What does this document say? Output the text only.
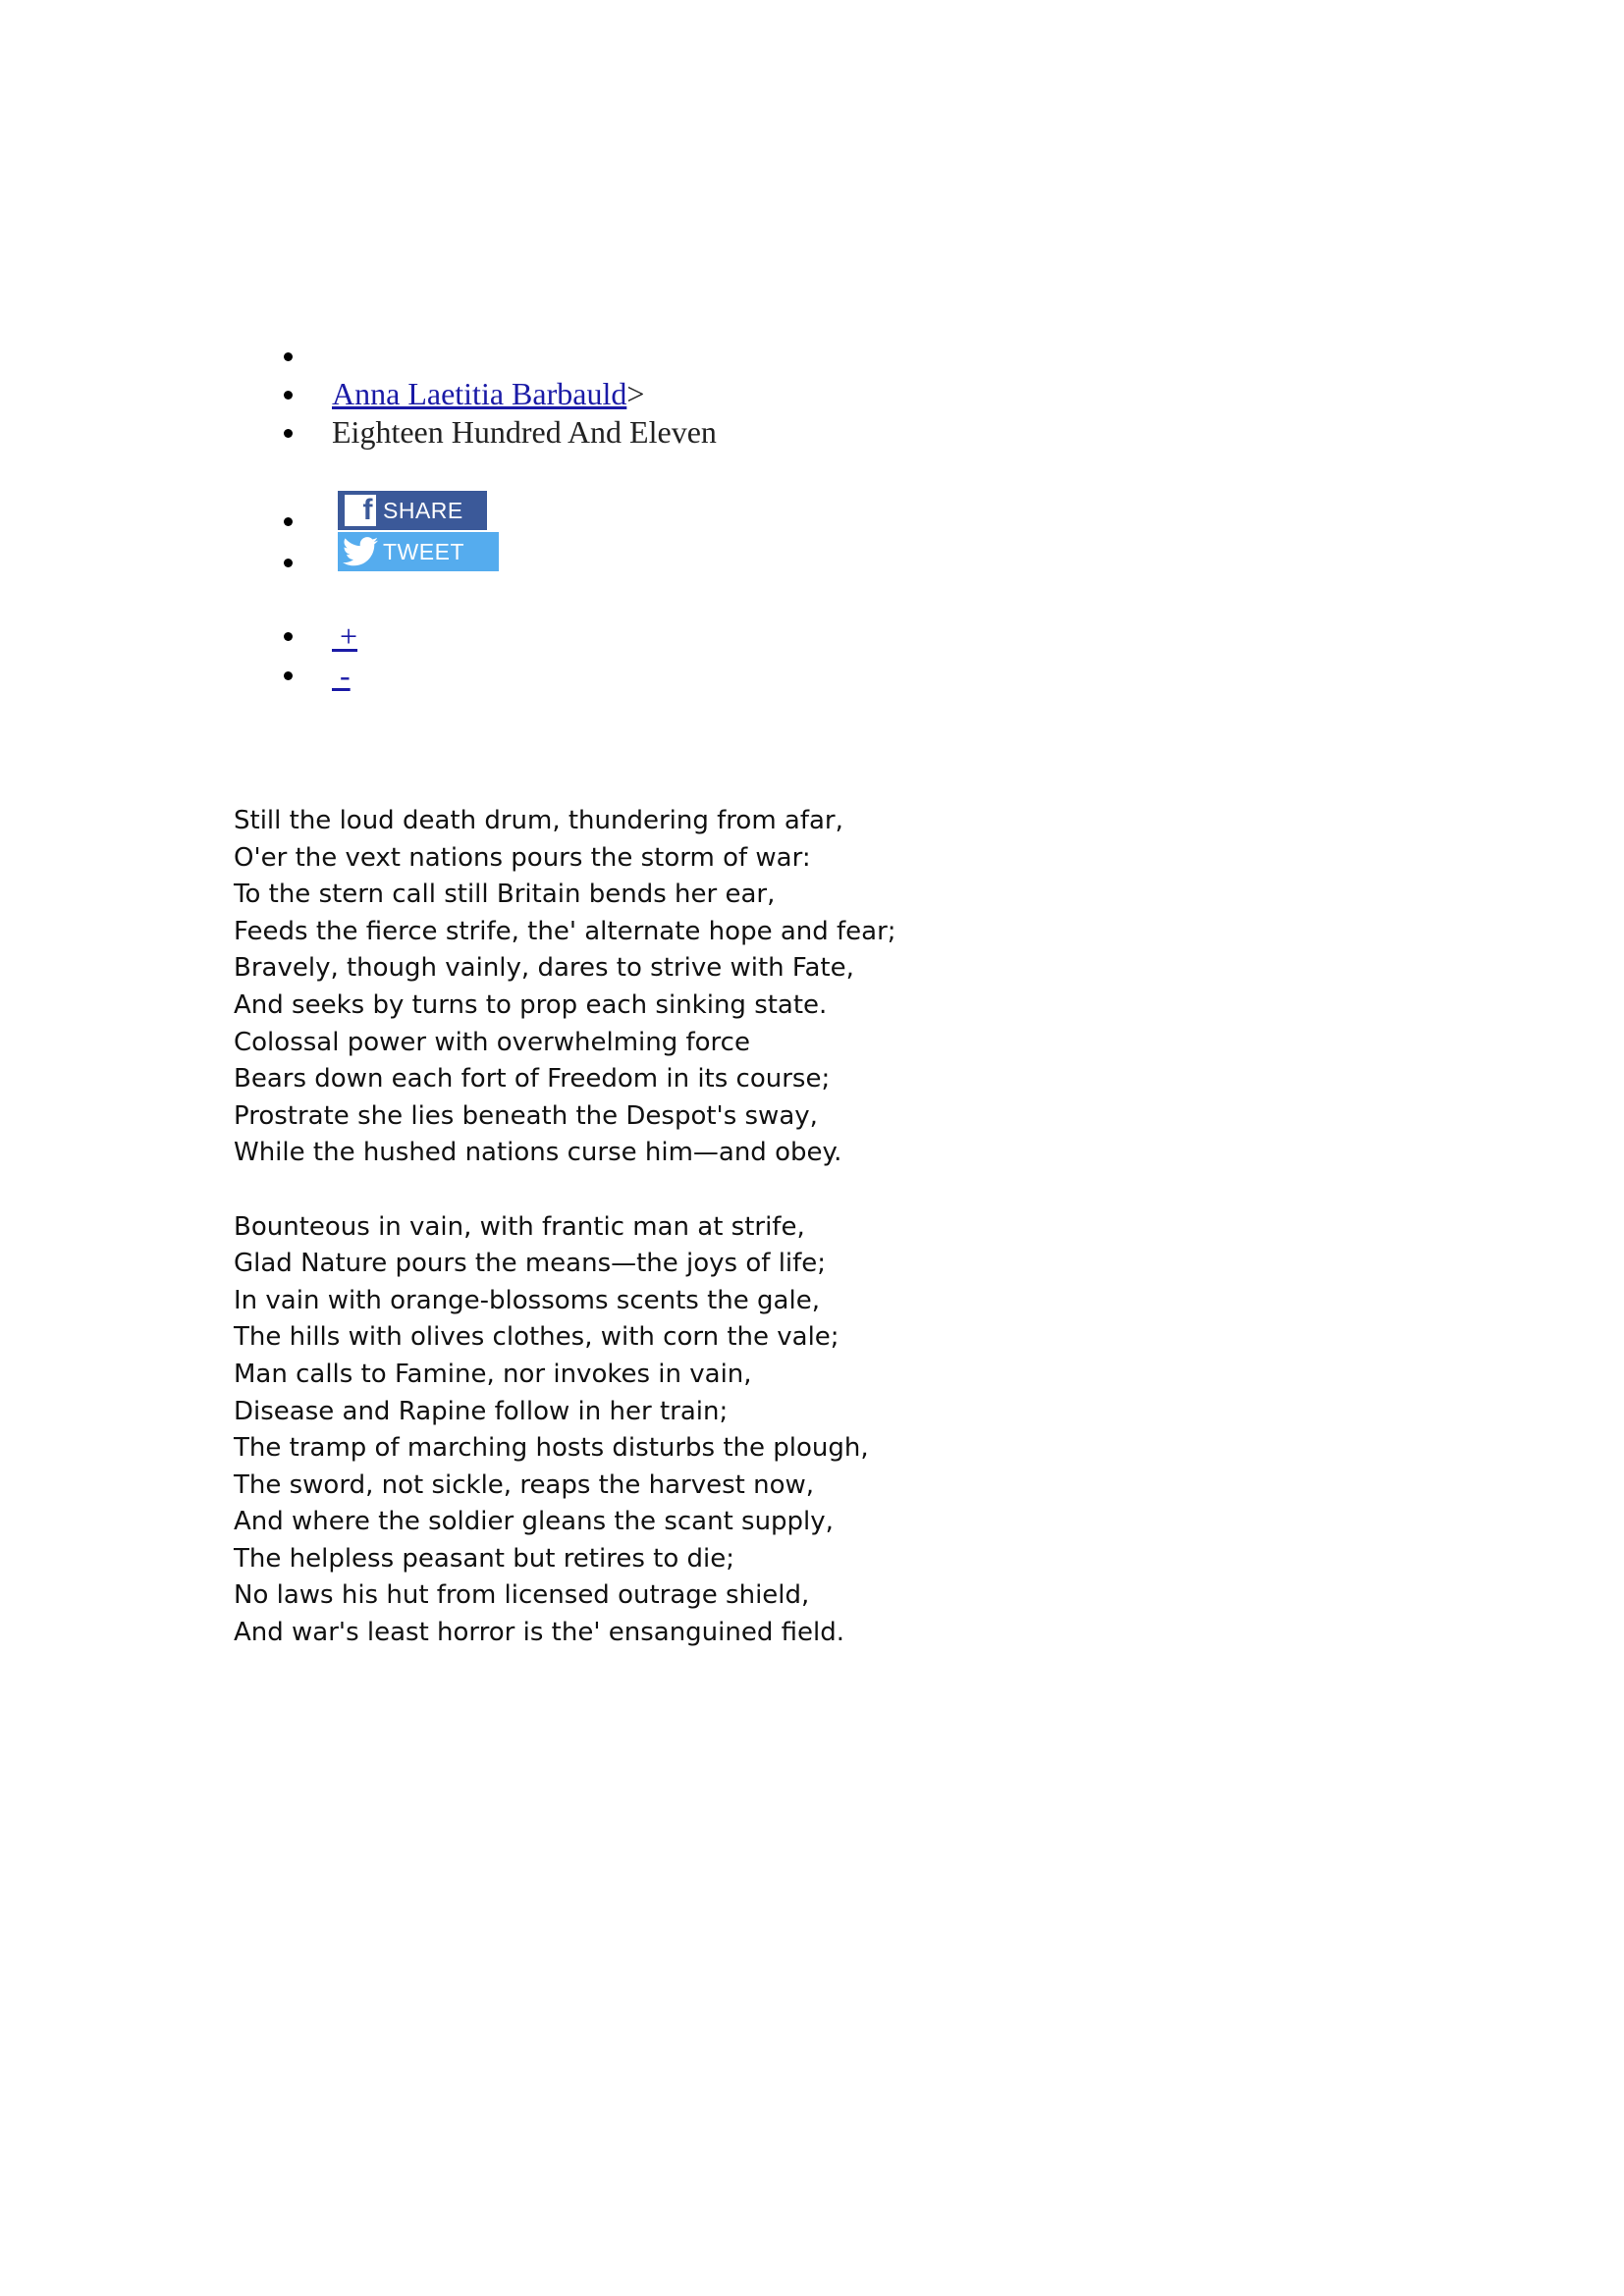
Anna Laetitia Barbauld>
Eighteen Hundred And Eleven
f SHARE
TWEET
+
-
Still the loud death drum, thundering from afar,
O'er the vext nations pours the storm of war:
To the stern call still Britain bends her ear,
Feeds the fierce strife, the' alternate hope and fear;
Bravely, though vainly, dares to strive with Fate,
And seeks by turns to prop each sinking state.
Colossal power with overwhelming force
Bears down each fort of Freedom in its course;
Prostrate she lies beneath the Despot's sway,
While the hushed nations curse him—and obey.
Bounteous in vain, with frantic man at strife,
Glad Nature pours the means—the joys of life;
In vain with orange-blossoms scents the gale,
The hills with olives clothes, with corn the vale;
Man calls to Famine, nor invokes in vain,
Disease and Rapine follow in her train;
The tramp of marching hosts disturbs the plough,
The sword, not sickle, reaps the harvest now,
And where the soldier gleans the scant supply,
The helpless peasant but retires to die;
No laws his hut from licensed outrage shield,
And war's least horror is the' ensanguined field.
